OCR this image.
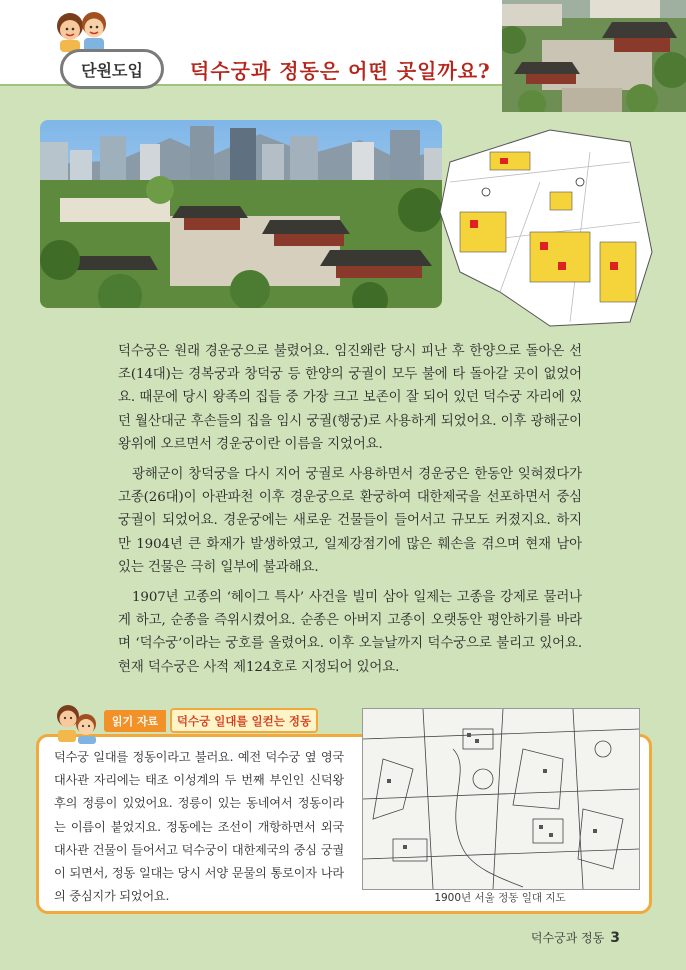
단원도입	덕수궁과 정동은 어떤 곳일까요?

덕수궁은 원래 경운궁으로 불렸어요. 임진왜란 당시 피난 후 한양으로 돌아온 선조(14대)는 경복궁과 창덕궁 등 한양의 궁궐이 모두 불에 타 돌아갈 곳이 없었어요. 때문에 당시 왕족의 집들 중 가장 크고 보존이 잘 되어 있던 덕수궁 자리에 있던 월산대군 후손들의 집을 임시 궁궐(행궁)로 사용하게 되었어요. 이후 광해군이 왕위에 오르면서 경운궁이란 이름을 지었어요.

광해군이 창덕궁을 다시 지어 궁궐로 사용하면서 경운궁은 한동안 잊혀졌다가 고종(26대)이 아관파천 이후 경운궁으로 환궁하여 대한제국을 선포하면서 중심 궁궐이 되었어요. 경운궁에는 새로운 건물들이 들어서고 규모도 커졌지요. 하지만 1904년 큰 화재가 발생하였고, 일제강점기에 많은 훼손을 겪으며 현재 남아 있는 건물은 극히 일부에 불과해요.

1907년 고종의 ‘헤이그 특사’ 사건을 빌미 삼아 일제는 고종을 강제로 물러나게 하고, 순종을 즉위시켰어요. 순종은 아버지 고종이 오랫동안 평안하기를 바라며 ‘덕수궁’이라는 궁호를 올렸어요. 이후 오늘날까지 덕수궁으로 불리고 있어요. 현재 덕수궁은 사적 제124호로 지정되어 있어요.

읽기 자료	덕수궁 일대를 일컫는 정동
덕수궁 일대를 정동이라고 불러요. 예전 덕수궁 옆 영국대사관 자리에는 태조 이성계의 두 번째 부인인 신덕왕후의 정릉이 있었어요. 정릉이 있는 동네여서 정동이라는 이름이 붙었지요. 정동에는 조선이 개항하면서 외국 대사관 건물이 들어서고 덕수궁이 대한제국의 중심 궁궐이 되면서, 정동 일대는 당시 서양 문물의 통로이자 나라의 중심지가 되었어요.	1900년 서울 정동 일대 지도
덕수궁과 정동 3
